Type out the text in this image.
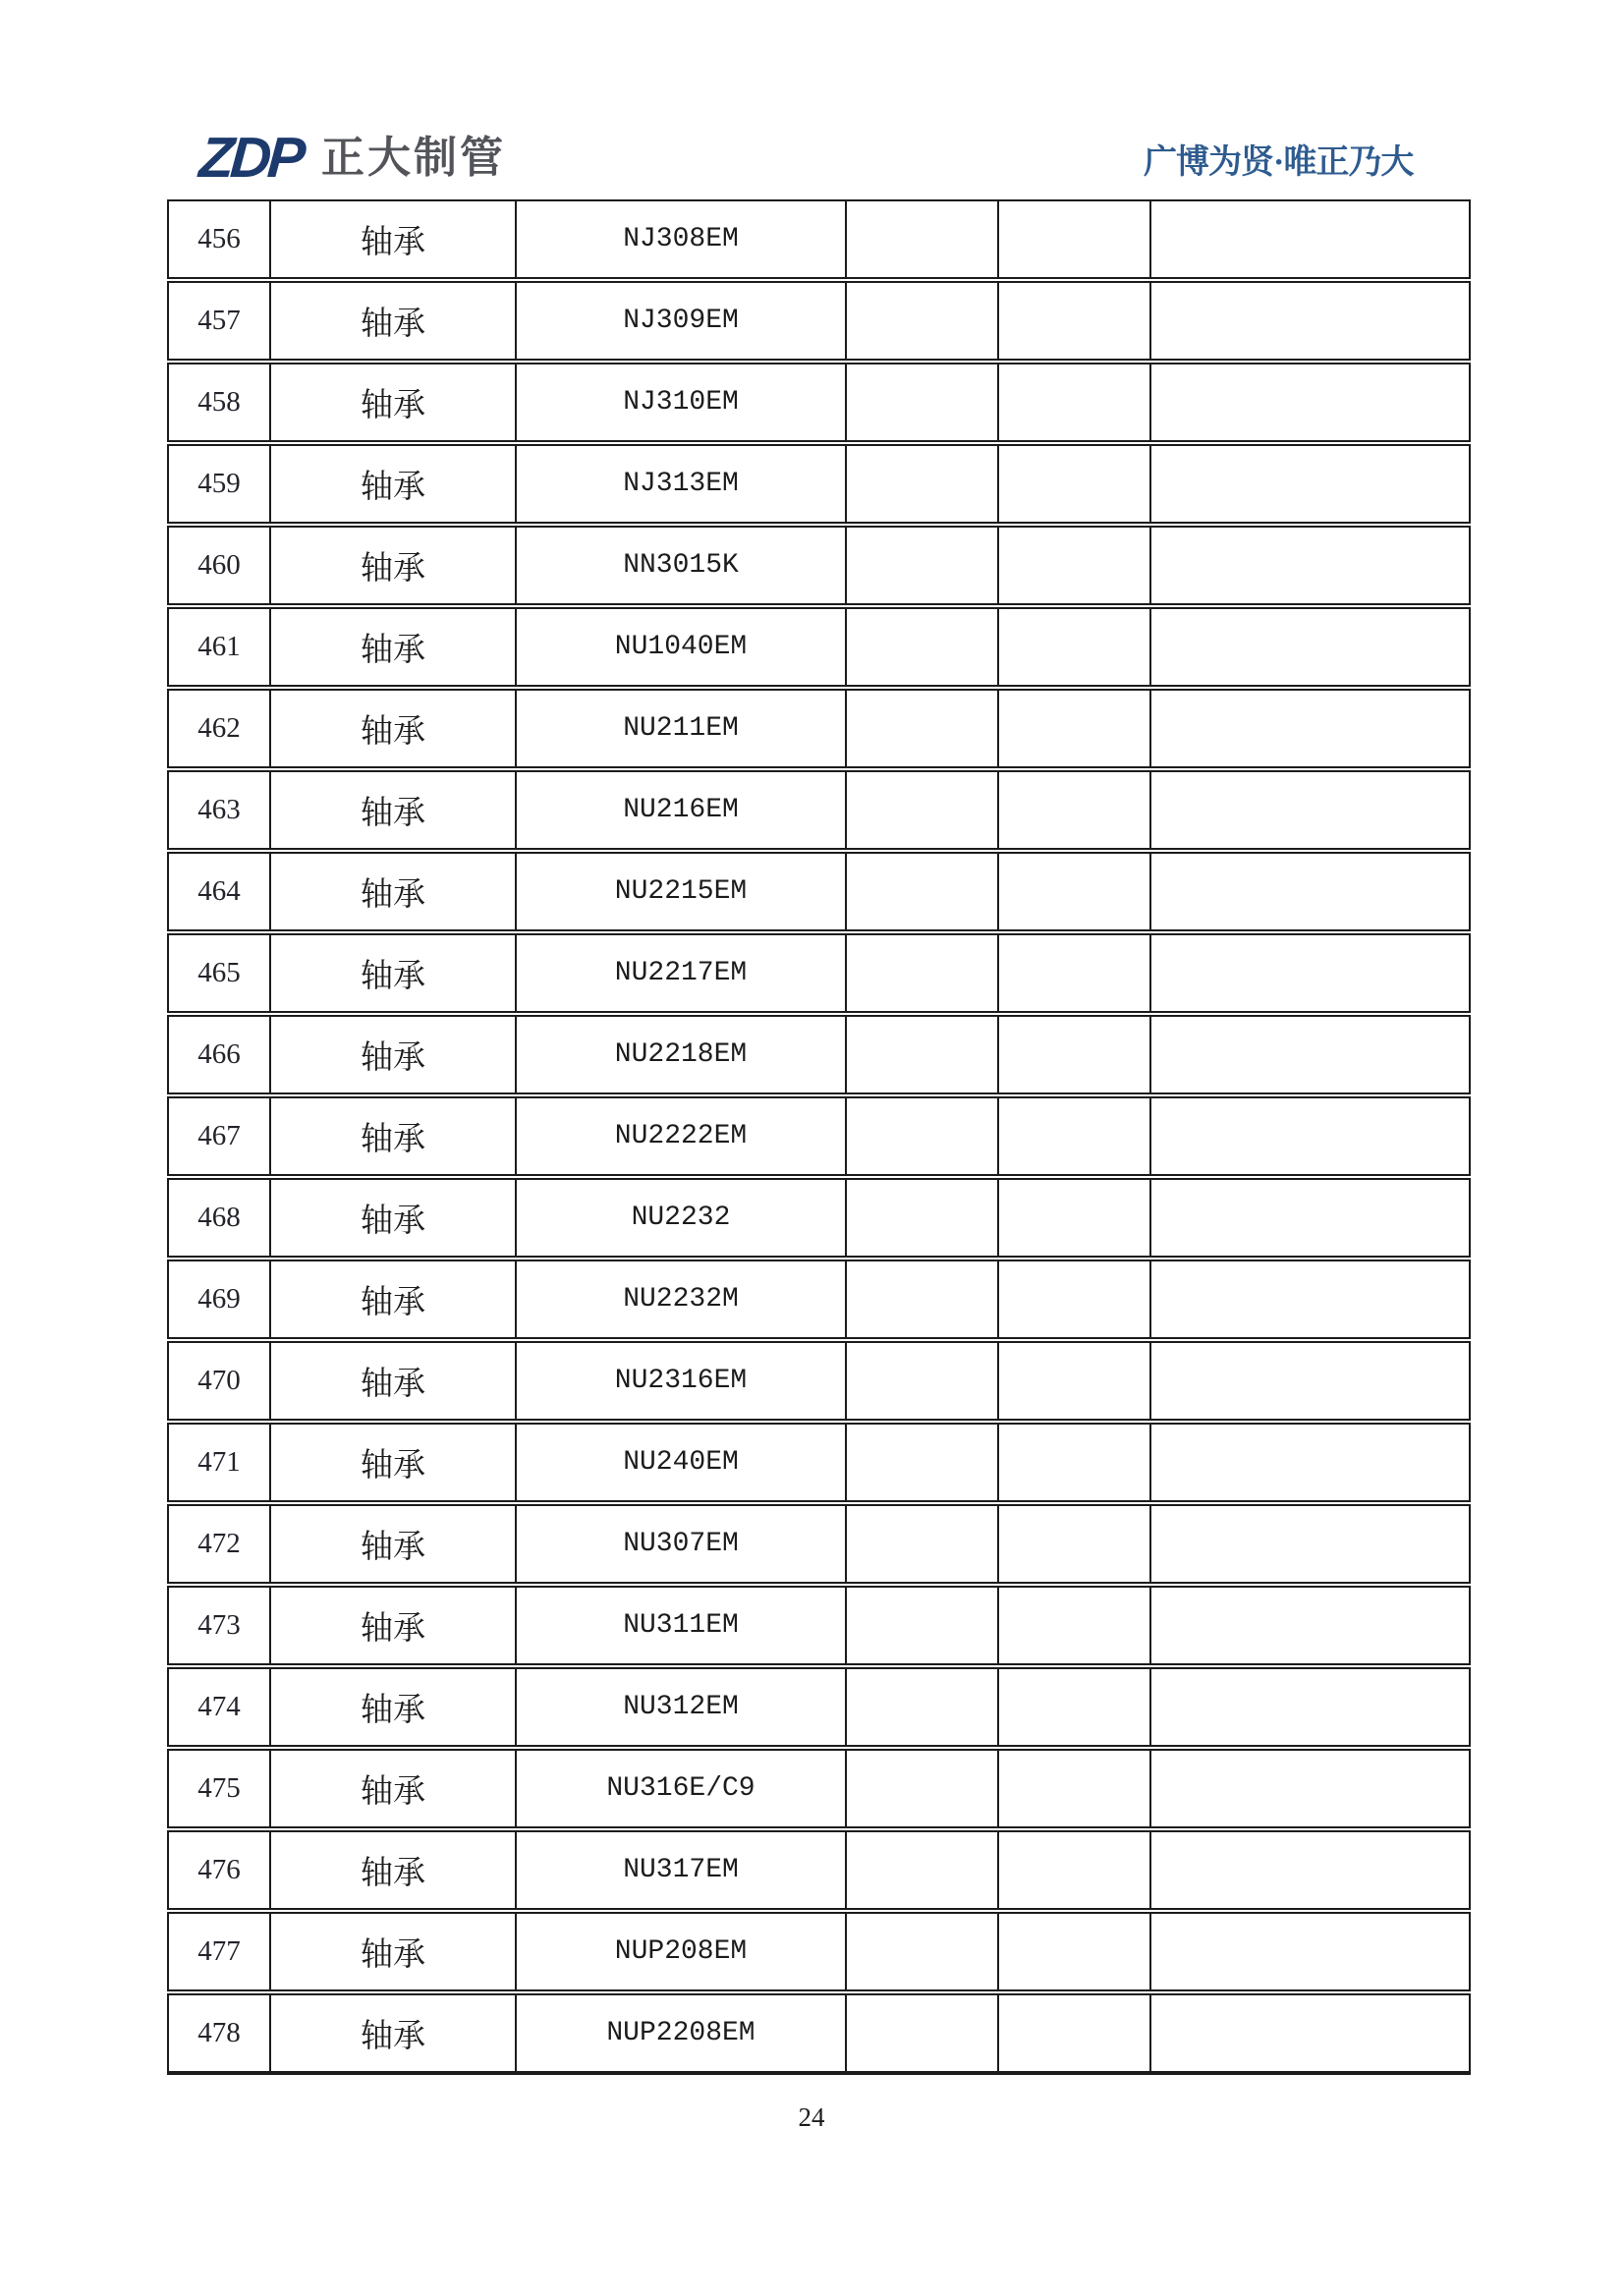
ZDP 正大制管	广博为贤·唯正乃大
456	轴承	NJ308EM			
457	轴承	NJ309EM			
458	轴承	NJ310EM			
459	轴承	NJ313EM			
460	轴承	NN3015K			
461	轴承	NU1040EM			
462	轴承	NU211EM			
463	轴承	NU216EM			
464	轴承	NU2215EM			
465	轴承	NU2217EM			
466	轴承	NU2218EM			
467	轴承	NU2222EM			
468	轴承	NU2232			
469	轴承	NU2232M			
470	轴承	NU2316EM			
471	轴承	NU240EM			
472	轴承	NU307EM			
473	轴承	NU311EM			
474	轴承	NU312EM			
475	轴承	NU316E/C9			
476	轴承	NU317EM			
477	轴承	NUP208EM			
478	轴承	NUP2208EM			
24
